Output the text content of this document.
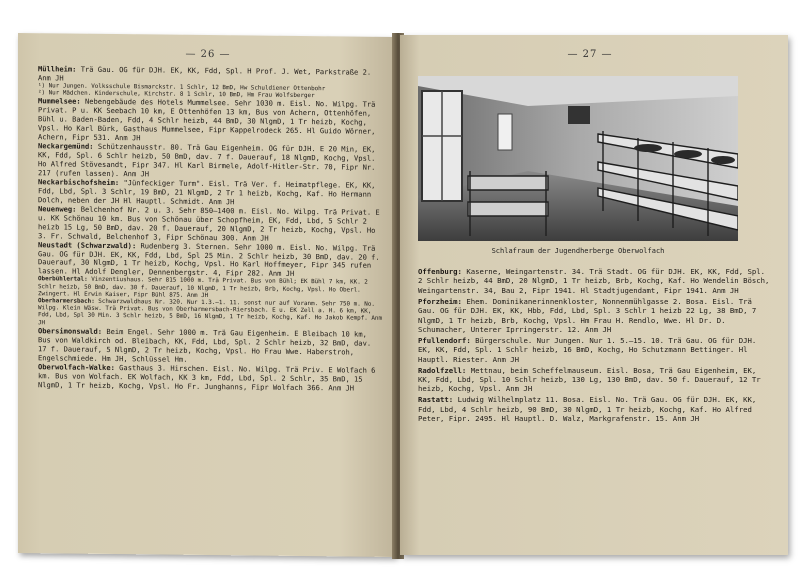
— 26 —

Müllheim: Trä Gau. OG für DJH. EK, KK, Fdd, Spl. H Prof. J. Wet, Parkstraße 2. Anm JH

¹) Nur Jungen. Volksschule Bismarckstr. 1 Schlr, 12 BmD, Hw Schuldiener Ottenbohr

²) Nur Mädchen. Kinderschule, Kirchstr. 8 1 Schlr, 10 BmD, Hm Frau Wolfsberger

Mummelsee: Nebengebäude des Hotels Mummelsee. Sehr 1030 m. Eisl. No. Wilpg. Trä Privat. P u. KK Seebach 10 km, E Ottenhöfen 13 km, Bus von Achern, Ottenhöfen, Bühl u. Baden-Baden, Fdd, 4 Schlr heizb, 44 BmD, 30 NlgmD, 1 Tr heizb, Kochg, Vpsl. Ho Karl Bürk, Gasthaus Mummelsee, Fipr Kappelrodeck 265. Hl Guido Wörner, Achern, Fipr 531. Anm JH

Neckargemünd: Schützenhausstr. 80. Trä Gau Eigenheim. OG für DJH. E 20 Min, EK, KK, Fdd, Spl. 6 Schlr heizb, 50 BmD, dav. 7 f. Dauerauf, 18 NlgmD, Kochg, Vpsl. Ho Alfred Stövesandt, Fipr 347. Hl Karl Birmele, Adolf-Hitler-Str. 70, Fipr Nr. 217 (rufen lassen). Anm JH

Neckarbischofsheim: "Jünfeckiger Turm". Eisl. Trä Ver. f. Heimatpflege. EK, KK, Fdd, Lbd, Spl. 3 Schlr, 19 BmD, 21 NlgmD, 2 Tr 1 heizb, Kochg, Kaf. Ho Hermann Dolch, neben der JH Hl Hauptl. Schmidt. Anm JH

Neuenweg: Belchenhof Nr. 2 u. 3. Sehr 850—1400 m. Eisl. No. Wilpg. Trä Privat. E u. KK Schönau 10 km. Bus von Schönau über Schopfheim, EK, Fdd, Lbd, 5 Schlr 2 heizb 15 Lg, 50 BmD, dav. 20 f. Dauerauf, 20 NlgmD, 2 Tr heizb, Kochg, Vpsl. Ho 3. Fr. Schwald, Belchenhof 3, Fipr Schönau 300. Anm JH

Neustadt (Schwarzwald): Rudenberg 3. Sternen. Sehr 1000 m. Eisl. No. Wilpg. Trä Gau. OG für DJH. EK, KK, Fdd, Lbd, Spl 25 Min. 2 Schlr heizb, 30 BmD, dav. 20 f. Dauerauf, 30 NlgmD, 1 Tr heizb, Kochg, Vpsl. Ho Karl Hoffmeyer, Fipr 345 rufen lassen. Hl Adolf Dengler, Dennenbergstr. 4, Fipr 282. Anm JH

Oberbühlertal: Vinzentiushaus. Sehr 815 1000 m. Trä Privat. Bus von Bühl; EK Bühl 7 km, KK. 2 Schlr heizb, 50 BmD, dav. 30 f. Dauerauf, 10 NlgmD, 1 Tr heizb, Brb, Kochg, Vpsl. Ho Oberl. Zwingert. Hl Erwin Kaiser, Fipr Bühl 875. Anm JH

Oberharmersbach: Schwarzwaldhaus Nr. 320. Nur 1.3.—1. 11. sonst nur auf Voranm. Sehr 750 m. No. Wilpg. Klein Wäsw. Trä Privat. Bus von Oberharmersbach-Riersbach. E u. EK Zell a. H. 6 km, KK, Fdd, Lbd, Spl 30 Min. 3 Schlr heizb, 5 BmD, 16 NlgmD, 1 Tr heizb, Kochg, Kaf. Ho Jakob Kempf. Anm JH

Obersimonswald: Beim Engel. Sehr 1000 m. Trä Gau Eigenheim. E Bleibach 10 km, Bus von Waldkirch od. Bleibach, KK, Fdd, Lbd, Spl. 2 Schlr heizb, 32 BmD, dav. 17 f. Dauerauf, 5 NlgmD, 2 Tr heizb, Kochg, Vpsl. Ho Frau Wwe. Haberstroh, Engelschmiede. Hm JH, Schlüssel Hm.

Oberwolfach-Walke: Gasthaus 3. Hirschen. Eisl. No. Wilpg. Trä Priv. E Wolfach 6 km. Bus von Wolfach. EK Wolfach, KK 3 km, Fdd, Lbd, Spl. 2 Schlr, 35 BmD, 15 NlgmD, 1 Tr heizb, Kochg, Vpsl. Ho Fr. Junghanns, Fipr Wolfach 366. Anm JH

— 27 —
Schlafraum der Jugendherberge Oberwolfach

Offenburg: Kaserne, Weingartenstr. 34. Trä Stadt. OG für DJH. EK, KK, Fdd, Spl. 2 Schlr heizb, 44 BmD, 20 NlgmD, 1 Tr heizb, Brb, Kochg, Kaf. Ho Wendelin Bösch, Weingartenstr. 34, Bau 2, Fipr 1941. Hl Stadtjugendamt, Fipr 1941. Anm JH

Pforzheim: Ehem. Dominikanerinnenkloster, Nonnenmühlgasse 2. Bosa. Eisl. Trä Gau. OG für DJH. EK, KK, Hbb, Fdd, Lbd, Spl. 3 Schlr 1 heizb 22 Lg, 38 BmD, 7 NlgmD, 1 Tr heizb, Brb, Kochg, Vpsl. Hm Frau H. Rendlo, Wwe. Hl Dr. D. Schumacher, Unterer Iprringerstr. 12. Anm JH

Pfullendorf: Bürgerschule. Nur Jungen. Nur 1. 5.—15. 10. Trä Gau. OG für DJH. EK, KK, Fdd, Spl. 1 Schlr heizb, 16 BmD, Kochg, Ho Schutzmann Bettinger. Hl Hauptl. Riester. Anm JH

Radolfzell: Mettnau, beim Scheffelmauseum. Eisl. Bosa, Trä Gau Eigenheim, EK, KK, Fdd, Lbd, Spl. 10 Schlr heizb, 130 Lg, 130 BmD, dav. 50 f. Dauerauf, 12 Tr heizb, Kochg, Vpsl. Anm JH

Rastatt: Ludwig Wilhelmplatz 11. Bosa. Eisl. No. Trä Gau. OG für DJH. EK, KK, Fdd, Lbd, 4 Schlr heizb, 90 BmD, 30 NlgmD, 1 Tr heizb, Kochg, Kaf. Ho Alfred Peter, Fipr. 2495. Hl Hauptl. D. Walz, Markgrafenstr. 15. Anm JH
